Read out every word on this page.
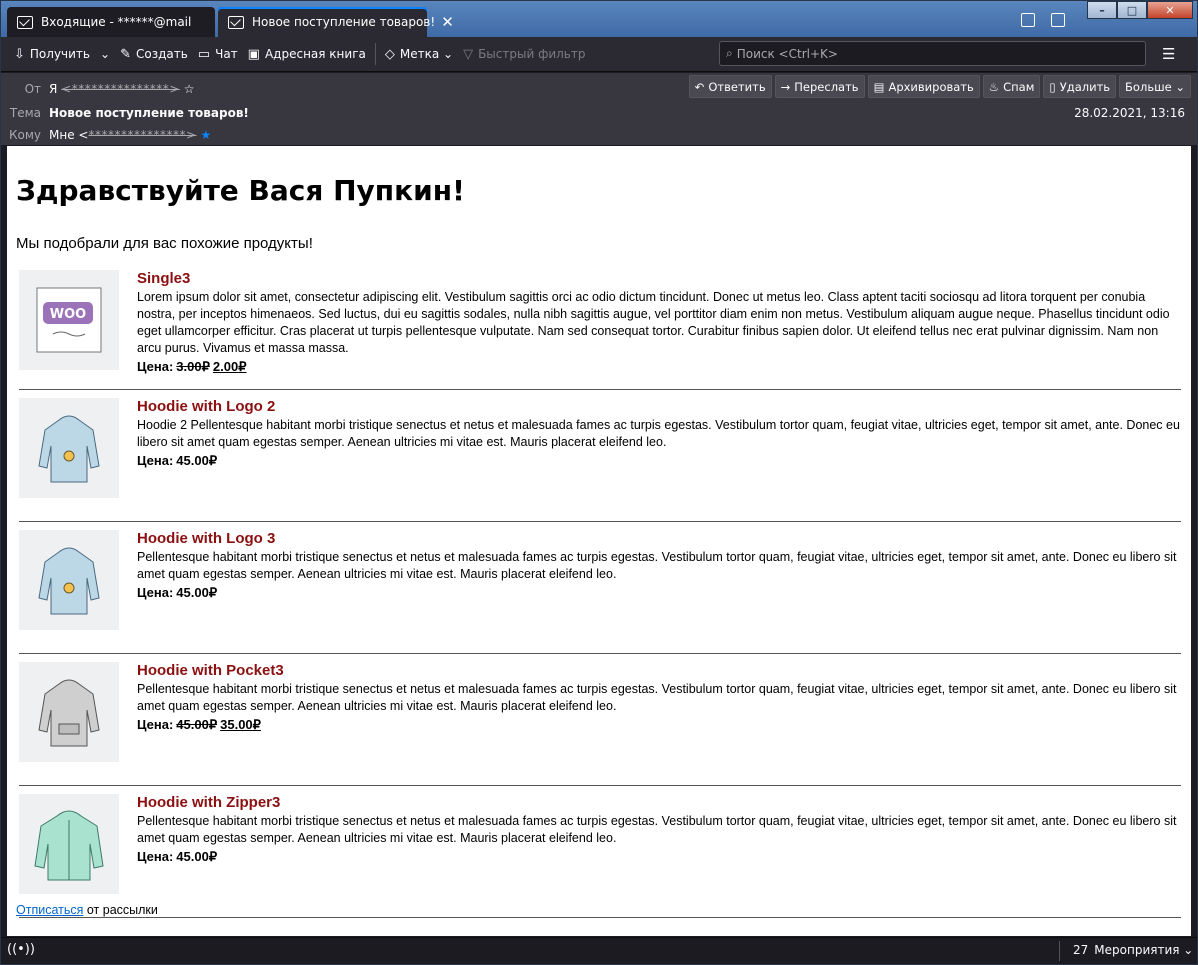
Входящие - ******@mail	Новое поступление товаров! ✕
–	□	✕
⇩ Получить ⌄ ✎ Создать ▭ Чат ▣ Адресная книга ◇ Метка ⌄ ▽ Быстрый фильтр	⌕ Поиск <Ctrl+K>	☰
От Я
<***************> ☆
Тема Новое поступление товаров!
Кому Мне < ***************> ★
↶ Ответить → Переслать ▤ Архивировать ♨ Спам ▯ Удалить Больше ⌄
28.02.2021, 13:16
Здравствуйте Вася Пупкин!
Мы подобрали для вас похожие продукты!
WOO
Single3
Lorem ipsum dolor sit amet, consectetur adipiscing elit. Vestibulum sagittis orci ac odio dictum tincidunt. Donec ut metus leo. Class aptent taciti sociosqu ad litora torquent per conubia nostra, per inceptos himenaeos. Sed luctus, dui eu sagittis sodales, nulla nibh sagittis augue, vel porttitor diam enim non metus. Vestibulum aliquam augue neque. Phasellus tincidunt odio eget ullamcorper efficitur. Cras placerat ut turpis pellentesque vulputate. Nam sed consequat tortor. Curabitur finibus sapien dolor. Ut eleifend tellus nec erat pulvinar dignissim. Nam non arcu purus. Vivamus et massa massa.
Цена: 3.00₽ 2.00₽
Hoodie with Logo 2
Hoodie 2 Pellentesque habitant morbi tristique senectus et netus et malesuada fames ac turpis egestas. Vestibulum tortor quam, feugiat vitae, ultricies eget, tempor sit amet, ante. Donec eu libero sit amet quam egestas semper. Aenean ultricies mi vitae est. Mauris placerat eleifend leo.
Цена: 45.00₽
Hoodie with Logo 3
Pellentesque habitant morbi tristique senectus et netus et malesuada fames ac turpis egestas. Vestibulum tortor quam, feugiat vitae, ultricies eget, tempor sit amet, ante. Donec eu libero sit amet quam egestas semper. Aenean ultricies mi vitae est. Mauris placerat eleifend leo.
Цена: 45.00₽
Hoodie with Pocket3
Pellentesque habitant morbi tristique senectus et netus et malesuada fames ac turpis egestas. Vestibulum tortor quam, feugiat vitae, ultricies eget, tempor sit amet, ante. Donec eu libero sit amet quam egestas semper. Aenean ultricies mi vitae est. Mauris placerat eleifend leo.
Цена: 45.00₽ 35.00₽
Hoodie with Zipper3
Pellentesque habitant morbi tristique senectus et netus et malesuada fames ac turpis egestas. Vestibulum tortor quam, feugiat vitae, ultricies eget, tempor sit amet, ante. Donec eu libero sit amet quam egestas semper. Aenean ultricies mi vitae est. Mauris placerat eleifend leo.
Цена: 45.00₽
Отписаться от рассылки
((•))	27 Мероприятия ⌄
